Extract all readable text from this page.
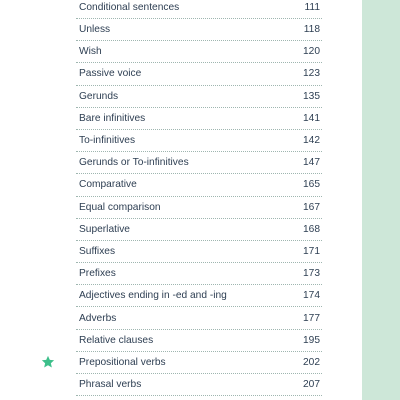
Conditional sentences	111
Unless	118
Wish	120
Passive voice	123
Gerunds	135
Bare infinitives	141
To-infinitives	142
Gerunds or To-infinitives	147
Comparative	165
Equal comparison	167
Superlative	168
Suffixes	171
Prefixes	173
Adjectives ending in -ed and -ing	174
Adverbs	177
Relative clauses	195
Prepositional verbs	202
Phrasal verbs	207
